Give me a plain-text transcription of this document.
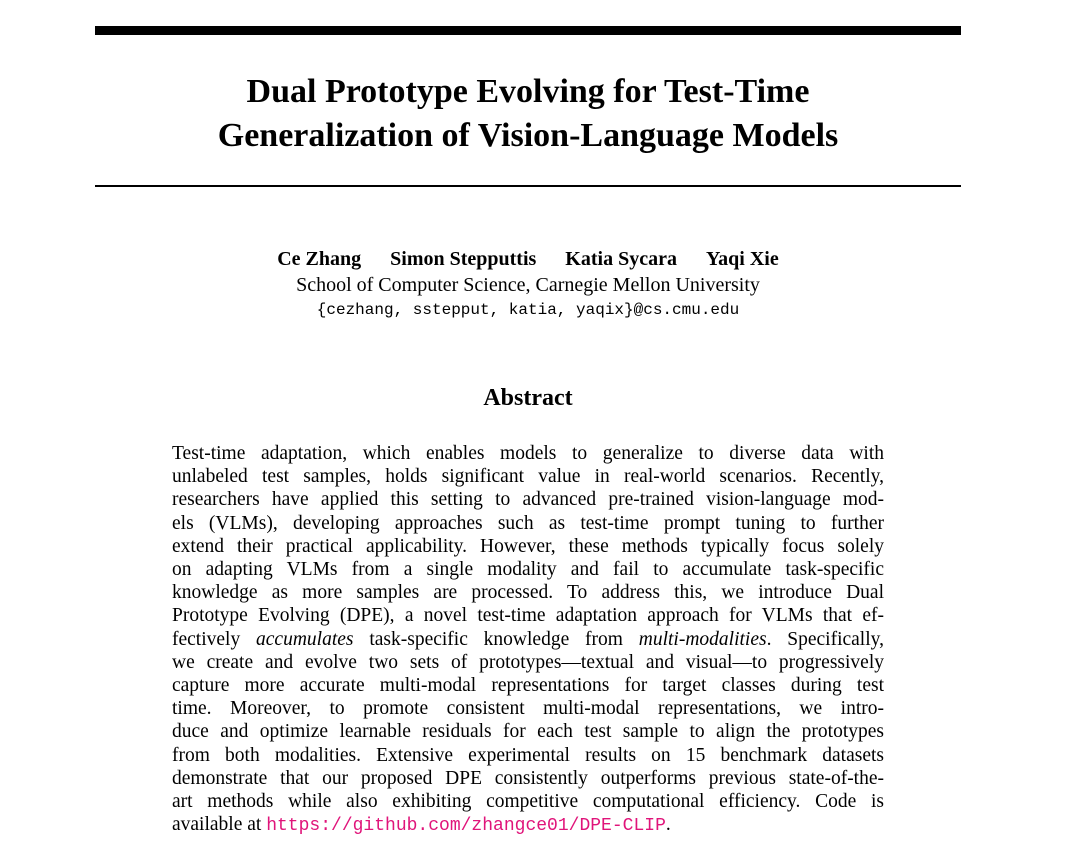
Dual Prototype Evolving for Test-Time
Generalization of Vision-Language Models
Ce Zhang Simon Stepputtis Katia Sycara Yaqi Xie
School of Computer Science, Carnegie Mellon University
{cezhang, sstepput, katia, yaqix}@cs.cmu.edu
Abstract
Test-time adaptation, which enables models to generalize to diverse data with
unlabeled test samples, holds significant value in real-world scenarios. Recently,
researchers have applied this setting to advanced pre-trained vision-language mod-
els (VLMs), developing approaches such as test-time prompt tuning to further
extend their practical applicability. However, these methods typically focus solely
on adapting VLMs from a single modality and fail to accumulate task-specific
knowledge as more samples are processed. To address this, we introduce Dual
Prototype Evolving (DPE), a novel test-time adaptation approach for VLMs that ef-
fectively accumulates task-specific knowledge from multi-modalities. Specifically,
we create and evolve two sets of prototypes—textual and visual—to progressively
capture more accurate multi-modal representations for target classes during test
time. Moreover, to promote consistent multi-modal representations, we intro-
duce and optimize learnable residuals for each test sample to align the prototypes
from both modalities. Extensive experimental results on 15 benchmark datasets
demonstrate that our proposed DPE consistently outperforms previous state-of-the-
art methods while also exhibiting competitive computational efficiency. Code is
available at https://github.com/zhangce01/DPE-CLIP.
